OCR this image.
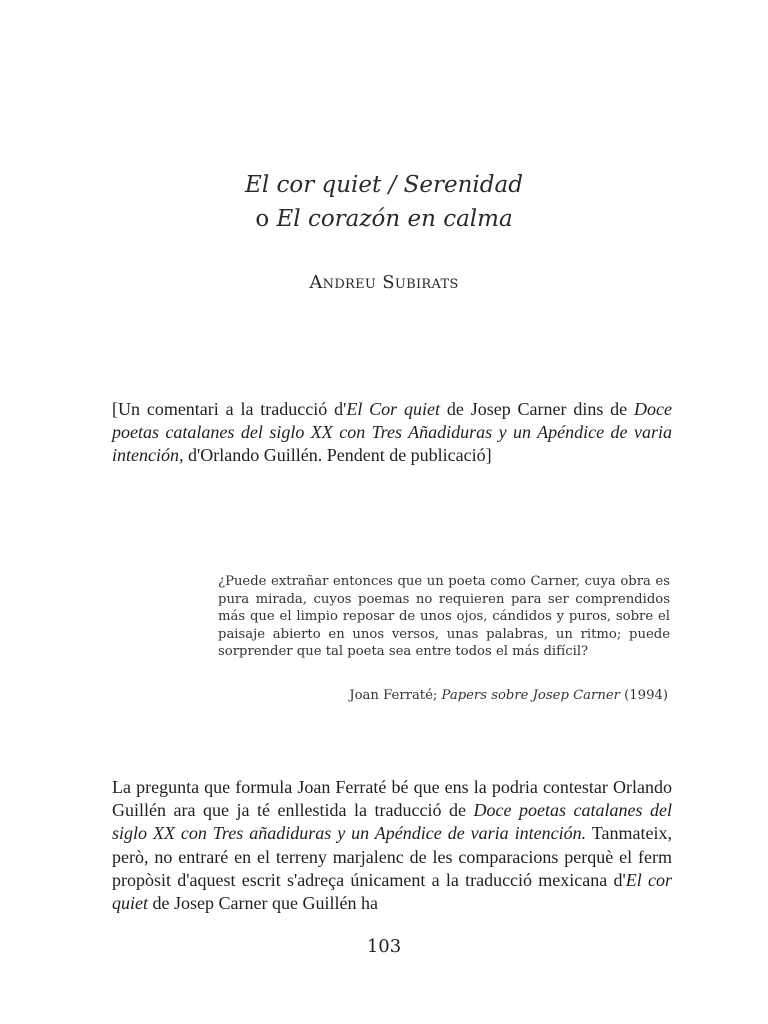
El cor quiet / Serenidad
o El corazón en calma
Andreu Subirats
[Un comentari a la traducció d'El Cor quiet de Josep Carner dins de Doce poetas catalanes del siglo XX con Tres Añadiduras y un Apéndice de varia intención, d'Orlando Guillén. Pendent de publicació]
¿Puede extrañar entonces que un poeta como Carner, cuya obra es pura mirada, cuyos poemas no requieren para ser comprendidos más que el limpio reposar de unos ojos, cándidos y puros, sobre el paisaje abierto en unos versos, unas palabras, un ritmo; puede sorprender que tal poeta sea entre todos el más difícil?
Joan Ferraté; Papers sobre Josep Carner (1994)
La pregunta que formula Joan Ferraté bé que ens la podria contestar Orlando Guillén ara que ja té enllestida la traducció de Doce poetas catalanes del siglo XX con Tres añadiduras y un Apéndice de varia intención. Tanmateix, però, no entraré en el terreny marjalenc de les comparacions perquè el ferm propòsit d'aquest escrit s'adreça únicament a la traducció mexicana d'El cor quiet de Josep Carner que Guillén ha
103
